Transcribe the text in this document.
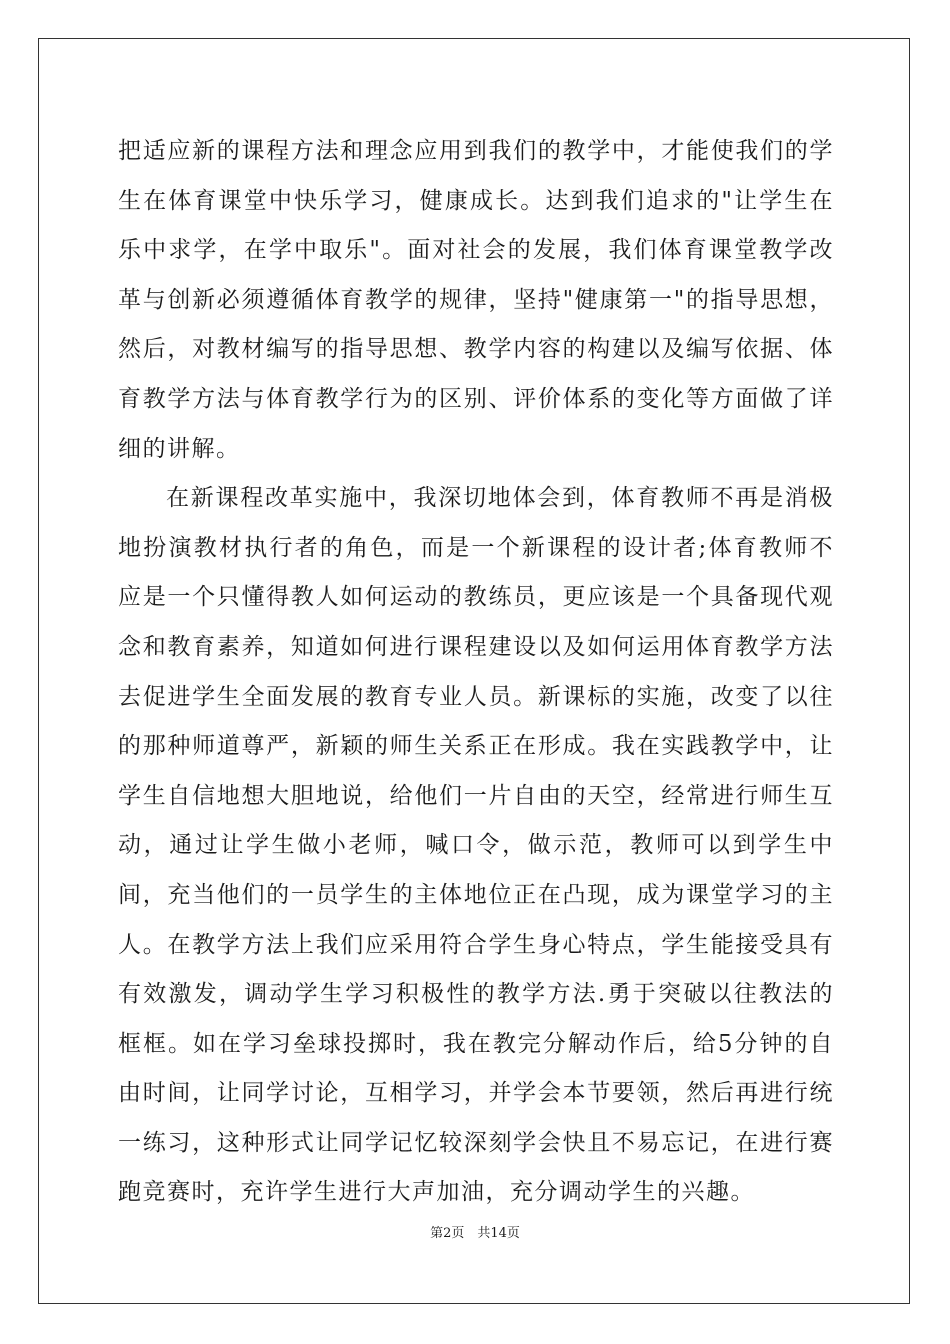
把适应新的课程方法和理念应用到我们的教学中，才能使我们的学生在体育课堂中快乐学习，健康成长。达到我们追求的"让学生在乐中求学，在学中取乐"。面对社会的发展，我们体育课堂教学改革与创新必须遵循体育教学的规律，坚持"健康第一"的指导思想，然后，对教材编写的指导思想、教学内容的构建以及编写依据、体育教学方法与体育教学行为的区别、评价体系的变化等方面做了详细的讲解。

在新课程改革实施中，我深切地体会到，体育教师不再是消极地扮演教材执行者的角色，而是一个新课程的设计者;体育教师不应是一个只懂得教人如何运动的教练员，更应该是一个具备现代观念和教育素养，知道如何进行课程建设以及如何运用体育教学方法去促进学生全面发展的教育专业人员。新课标的实施，改变了以往的那种师道尊严，新颖的师生关系正在形成。我在实践教学中，让学生自信地想大胆地说，给他们一片自由的天空，经常进行师生互动，通过让学生做小老师，喊口令，做示范，教师可以到学生中间，充当他们的一员学生的主体地位正在凸现，成为课堂学习的主人。在教学方法上我们应采用符合学生身心特点，学生能接受具有有效激发，调动学生学习积极性的教学方法.勇于突破以往教法的框框。如在学习垒球投掷时，我在教完分解动作后，给5分钟的自由时间，让同学讨论，互相学习，并学会本节要领，然后再进行统一练习，这种形式让同学记忆较深刻学会快且不易忘记，在进行赛跑竞赛时，充许学生进行大声加油，充分调动学生的兴趣。

第2页　共14页
